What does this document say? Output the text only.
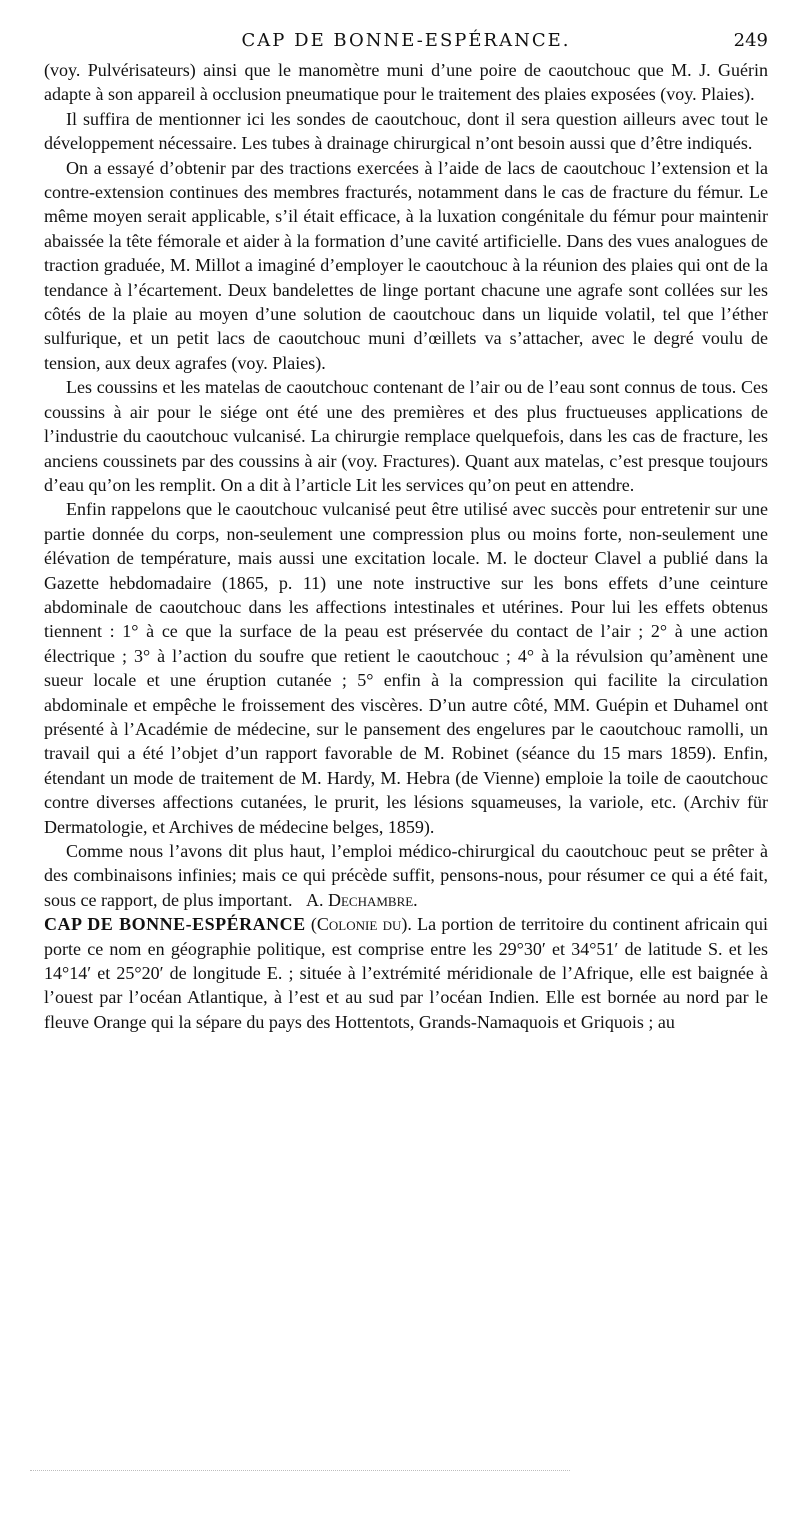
CAP DE BONNE-ESPÉRANCE.	249

(voy. Pulvérisateurs) ainsi que le manomètre muni d’une poire de caoutchouc que M. J. Guérin adapte à son appareil à occlusion pneumatique pour le traitement des plaies exposées (voy. Plaies).

Il suffira de mentionner ici les sondes de caoutchouc, dont il sera question ailleurs avec tout le développement nécessaire. Les tubes à drainage chirurgical n’ont besoin aussi que d’être indiqués.

On a essayé d’obtenir par des tractions exercées à l’aide de lacs de caoutchouc l’extension et la contre-extension continues des membres fracturés, notamment dans le cas de fracture du fémur. Le même moyen serait applicable, s’il était efficace, à la luxation congénitale du fémur pour maintenir abaissée la tête fémorale et aider à la formation d’une cavité artificielle. Dans des vues analogues de traction graduée, M. Millot a imaginé d’employer le caoutchouc à la réunion des plaies qui ont de la tendance à l’écartement. Deux bandelettes de linge portant chacune une agrafe sont collées sur les côtés de la plaie au moyen d’une solution de caoutchouc dans un liquide volatil, tel que l’éther sulfurique, et un petit lacs de caoutchouc muni d’œillets va s’attacher, avec le degré voulu de tension, aux deux agrafes (voy. Plaies).

Les coussins et les matelas de caoutchouc contenant de l’air ou de l’eau sont connus de tous. Ces coussins à air pour le siége ont été une des premières et des plus fructueuses applications de l’industrie du caoutchouc vulcanisé. La chirurgie remplace quelquefois, dans les cas de fracture, les anciens coussinets par des coussins à air (voy. Fractures). Quant aux matelas, c’est presque toujours d’eau qu’on les remplit. On a dit à l’article Lit les services qu’on peut en attendre.

Enfin rappelons que le caoutchouc vulcanisé peut être utilisé avec succès pour entretenir sur une partie donnée du corps, non-seulement une compression plus ou moins forte, non-seulement une élévation de température, mais aussi une excitation locale. M. le docteur Clavel a publié dans la Gazette hebdomadaire (1865, p. 11) une note instructive sur les bons effets d’une ceinture abdominale de caoutchouc dans les affections intestinales et utérines. Pour lui les effets obtenus tiennent : 1° à ce que la surface de la peau est préservée du contact de l’air ; 2° à une action électrique ; 3° à l’action du soufre que retient le caoutchouc ; 4° à la révulsion qu’amènent une sueur locale et une éruption cutanée ; 5° enfin à la compression qui facilite la circulation abdominale et empêche le froissement des viscères. D’un autre côté, MM. Guépin et Duhamel ont présenté à l’Académie de médecine, sur le pansement des engelures par le caoutchouc ramolli, un travail qui a été l’objet d’un rapport favorable de M. Robinet (séance du 15 mars 1859). Enfin, étendant un mode de traitement de M. Hardy, M. Hebra (de Vienne) emploie la toile de caoutchouc contre diverses affections cutanées, le prurit, les lésions squameuses, la variole, etc. (Archiv für Dermatologie, et Archives de médecine belges, 1859).

Comme nous l’avons dit plus haut, l’emploi médico-chirurgical du caoutchouc peut se prêter à des combinaisons infinies; mais ce qui précède suffit, pensons-nous, pour résumer ce qui a été fait, sous ce rapport, de plus important. A. Dechambre.

CAP DE BONNE-ESPÉRANCE (Colonie du). La portion de territoire du continent africain qui porte ce nom en géographie politique, est comprise entre les 29°30′ et 34°51′ de latitude S. et les 14°14′ et 25°20′ de longitude E. ; située à l’extrémité méridionale de l’Afrique, elle est baignée à l’ouest par l’océan Atlantique, à l’est et au sud par l’océan Indien. Elle est bornée au nord par le fleuve Orange qui la sépare du pays des Hottentots, Grands-Namaquois et Griquois ; au
